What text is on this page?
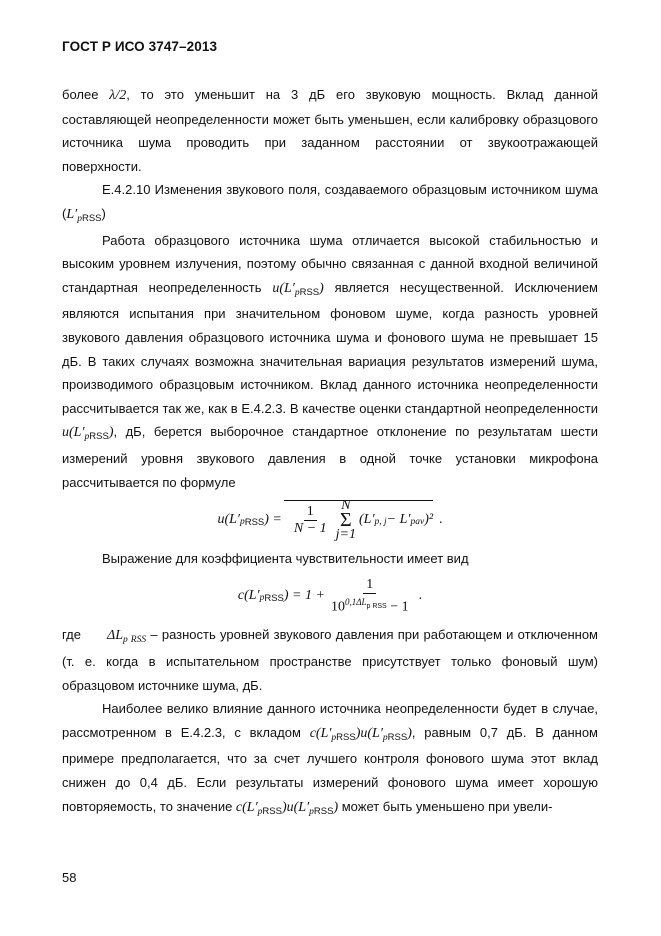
ГОСТ Р ИСО 3747–2013

более λ/2, то это уменьшит на 3 дБ его звуковую мощность. Вклад данной составляющей неопределенности может быть уменьшен, если калибровку образцового источника шума проводить при заданном расстоянии от звукоотражающей поверхности.

Е.4.2.10 Изменения звукового поля, создаваемого образцовым источником шума $(L'_{pRSS})$

Работа образцового источника шума отличается высокой стабильностью и высоким уровнем излучения, поэтому обычно связанная с данной входной величиной стандартная неопределенность $u(L'_{pRSS})$ является несущественной. Исключением являются испытания при значительном фоновом шуме, когда разность уровней звукового давления образцового источника шума и фонового шума не превышает 15 дБ. В таких случаях возможна значительная вариация результатов измерений шума, производимого образцовым источником. Вклад данного источника неопределенности рассчитывается так же, как в Е.4.2.3. В качестве оценки стандартной неопределенности $u(L'_{pRSS})$, дБ, берется выборочное стандартное отклонение по результатам шести измерений уровня звукового давления в одной точке установки микрофона рассчитывается по формуле

u(L′ p RSS ) = $\frac{1}{N - 1}$ N
Σ
j=1
(L′ p, j − L′ pav )² .

Выражение для коэффициента чувствительности имеет вид

c(L′ p RSS ) = $1 + \frac{1}{10^{0,1\Delta L_{p RSS}} - 1}$ .

где $\Delta L_{p RSS}$ – разность уровней звукового давления при работающем и отключенном (т. е. когда в испытательном пространстве присутствует только фоновый шум) образцовом источнике шума, дБ.

Наиболее велико влияние данного источника неопределенности будет в случае, рассмотренном в Е.4.2.3, с вкладом $c(L'_{pRSS})u(L'_{pRSS})$, равным 0,7 дБ. В данном примере предполагается, что за счет лучшего контроля фонового шума этот вклад снижен до 0,4 дБ. Если результаты измерений фонового шума имеет хорошую повторяемость, то значение $c(L'_{pRSS})u(L'_{pRSS})$ может быть уменьшено при увели-

58
